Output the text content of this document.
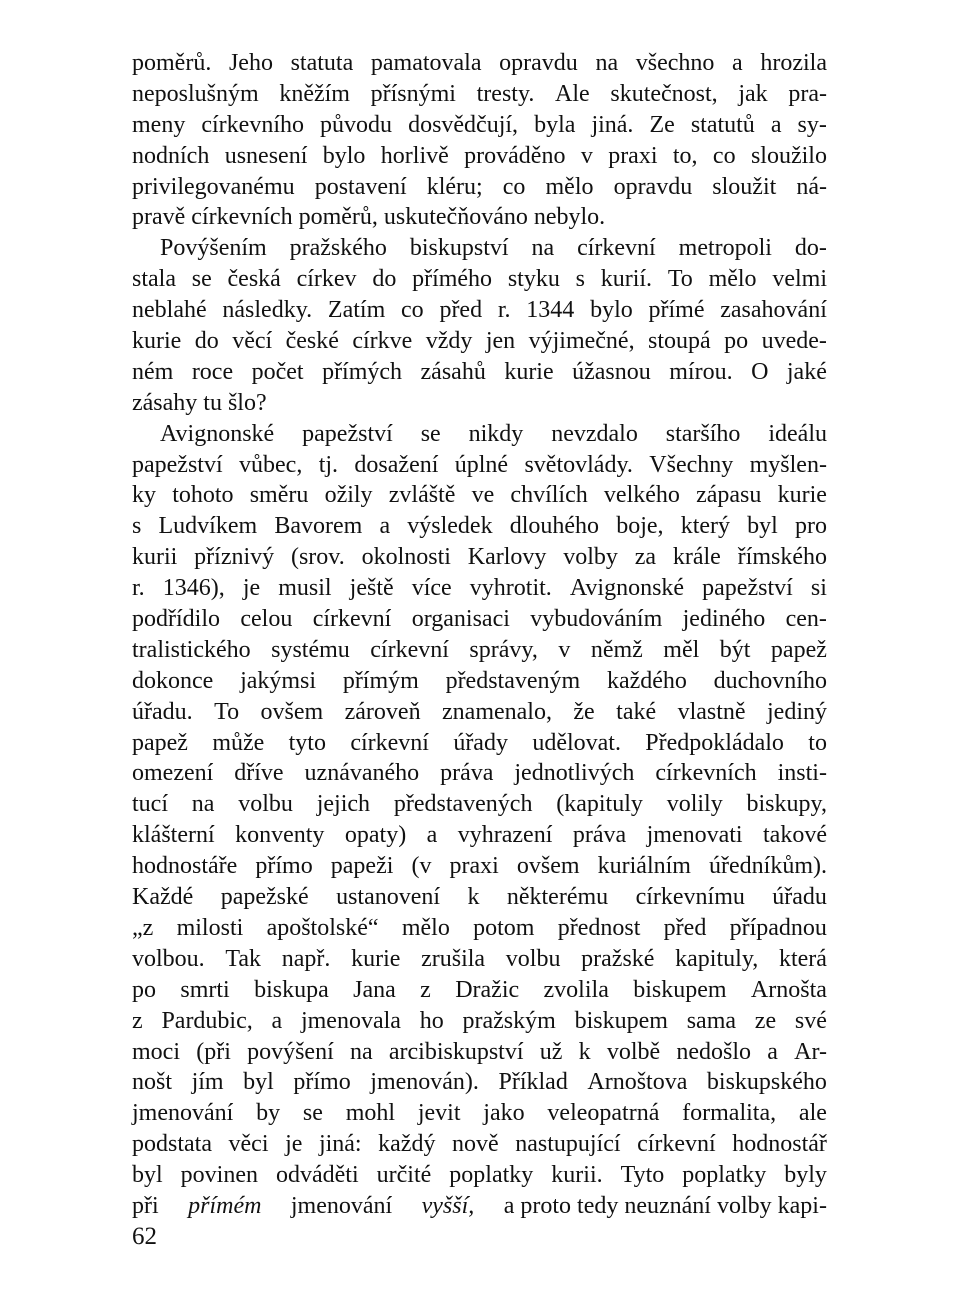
poměrů. Jeho statuta pamatovala opravdu na všechno a hrozila
neposlušným kněžím přísnými tresty. Ale skutečnost, jak pra-
meny církevního původu dosvědčují, byla jiná. Ze statutů a sy-
nodních usnesení bylo horlivě prováděno v praxi to, co sloužilo
privilegovanému postavení kléru; co mělo opravdu sloužit ná-
pravě církevních poměrů, uskutečňováno nebylo.
Povýšením pražského biskupství na církevní metropoli do-
stala se česká církev do přímého styku s kurií. To mělo velmi
neblahé následky. Zatím co před r. 1344 bylo přímé zasahování
kurie do věcí české církve vždy jen výjimečné, stoupá po uvede-
ném roce počet přímých zásahů kurie úžasnou mírou. O jaké
zásahy tu šlo?
Avignonské papežství se nikdy nevzdalo staršího ideálu
papežství vůbec, tj. dosažení úplné světovlády. Všechny myšlen-
ky tohoto směru ožily zvláště ve chvílích velkého zápasu kurie
s Ludvíkem Bavorem a výsledek dlouhého boje, který byl pro
kurii příznivý (srov. okolnosti Karlovy volby za krále římského
r. 1346), je musil ještě více vyhrotit. Avignonské papežství si
podřídilo celou církevní organisaci vybudováním jediného cen-
tralistického systému církevní správy, v němž měl být papež
dokonce jakýmsi přímým představeným každého duchovního
úřadu. To ovšem zároveň znamenalo, že také vlastně jediný
papež může tyto církevní úřady udělovat. Předpokládalo to
omezení dříve uznávaného práva jednotlivých církevních insti-
tucí na volbu jejich představených (kapituly volily biskupy,
klášterní konventy opaty) a vyhrazení práva jmenovati takové
hodnostáře přímo papeži (v praxi ovšem kuriálním úředníkům).
Každé papežské ustanovení k některému církevnímu úřadu
„z milosti apoštolské“ mělo potom přednost před případnou
volbou. Tak např. kurie zrušila volbu pražské kapituly, která
po smrti biskupa Jana z Dražic zvolila biskupem Arnošta
z Pardubic, a jmenovala ho pražským biskupem sama ze své
moci (při povýšení na arcibiskupství už k volbě nedošlo a Ar-
nošt jím byl přímo jmenován). Příklad Arnoštova biskupského
jmenování by se mohl jevit jako veleopatrná formalita, ale
podstata věci je jiná: každý nově nastupující církevní hodnostář
byl povinen odváděti určité poplatky kurii. Tyto poplatky byly
při přímém jmenování vyšší, a proto tedy neuznání volby kapi-
62
